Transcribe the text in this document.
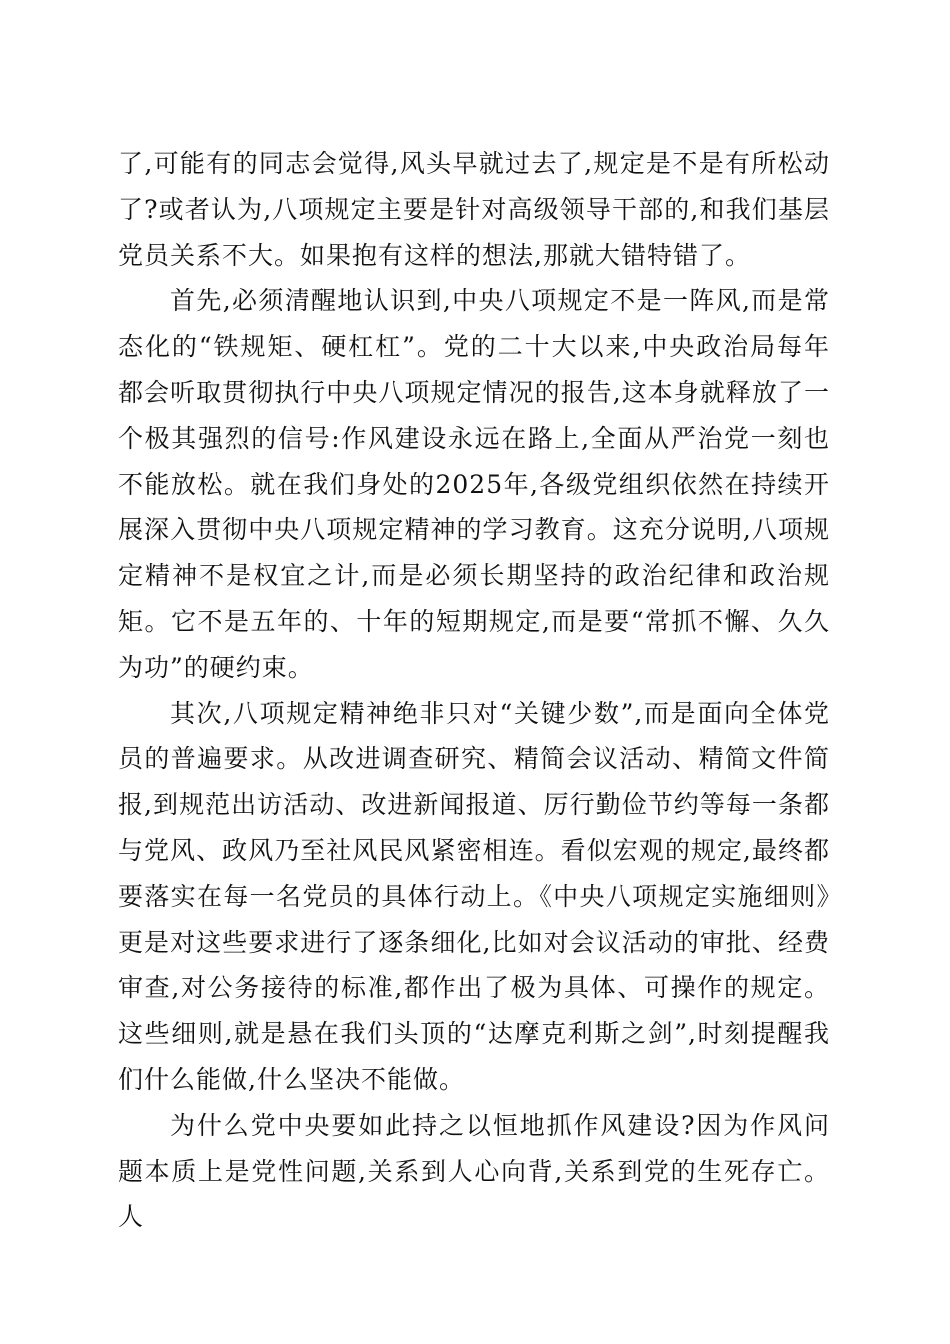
了,可能有的同志会觉得,风头早就过去了,规定是不是有所松动了?或者认为,八项规定主要是针对高级领导干部的,和我们基层党员关系不大。如果抱有这样的想法,那就大错特错了。

首先,必须清醒地认识到,中央八项规定不是一阵风,而是常态化的“铁规矩、硬杠杠”。党的二十大以来,中央政治局每年都会听取贯彻执行中央八项规定情况的报告,这本身就释放了一个极其强烈的信号:作风建设永远在路上,全面从严治党一刻也不能放松。就在我们身处的2025年,各级党组织依然在持续开展深入贯彻中央八项规定精神的学习教育。这充分说明,八项规定精神不是权宜之计,而是必须长期坚持的政治纪律和政治规矩。它不是五年的、十年的短期规定,而是要“常抓不懈、久久为功”的硬约束。

其次,八项规定精神绝非只对“关键少数”,而是面向全体党员的普遍要求。从改进调查研究、精简会议活动、精简文件简报,到规范出访活动、改进新闻报道、厉行勤俭节约等每一条都与党风、政风乃至社风民风紧密相连。看似宏观的规定,最终都要落实在每一名党员的具体行动上。《中央八项规定实施细则》更是对这些要求进行了逐条细化,比如对会议活动的审批、经费审查,对公务接待的标准,都作出了极为具体、可操作的规定。这些细则,就是悬在我们头顶的“达摩克利斯之剑”,时刻提醒我们什么能做,什么坚决不能做。

为什么党中央要如此持之以恒地抓作风建设?因为作风问题本质上是党性问题,关系到人心向背,关系到党的生死存亡。人
